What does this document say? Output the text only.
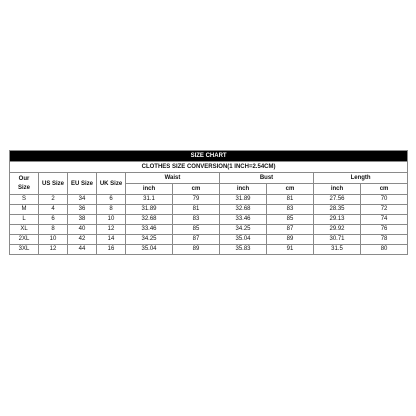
SIZE CHART									
CLOTHES SIZE CONVERSION(1 INCH=2.54CM)									
Our
Size	US Size	EU Size	UK Size	Waist		Bust		Length	
				inch	cm	inch	cm	inch	cm
S	2	34	6	31.1	79	31.89	81	27.56	70
M	4	36	8	31.89	81	32.68	83	28.35	72
L	6	38	10	32.68	83	33.46	85	29.13	74
XL	8	40	12	33.46	85	34.25	87	29.92	76
2XL	10	42	14	34.25	87	35.04	89	30.71	78
3XL	12	44	16	35.04	89	35.83	91	31.5	80
